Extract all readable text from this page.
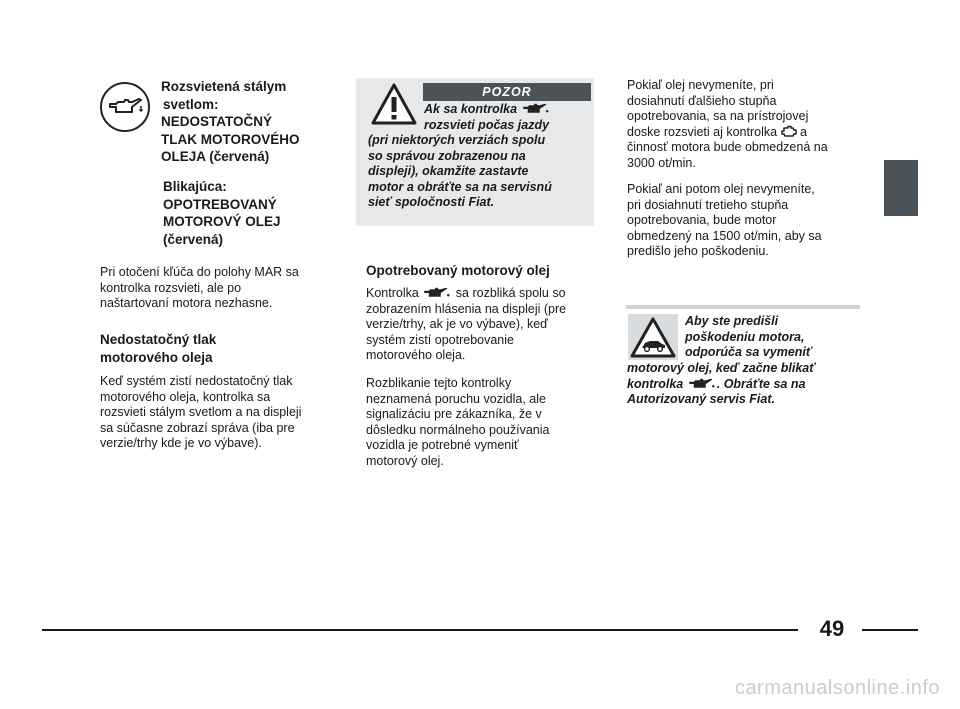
Rozsvietená stálym
svetlom:
NEDOSTATOČNÝ
TLAK MOTOROVÉHO
OLEJA (červená)
Blikajúca:
OPOTREBOVANÝ
MOTOROVÝ OLEJ
(červená)
Pri otočení kľúča do polohy MAR sa
kontrolka rozsvieti, ale po
naštartovaní motora nezhasne.
Nedostatočný tlak
motorového oleja
Keď systém zistí nedostatočný tlak
motorového oleja, kontrolka sa
rozsvieti stálym svetlom a na displeji
sa súčasne zobrazí správa (iba pre
verzie/trhy kde je vo výbave).
POZOR
Ak sa kontrolka
rozsvieti počas jazdy
(pri niektorých verziách spolu
so správou zobrazenou na
displeji), okamžite zastavte
motor a obráťte sa na servisnú
sieť spoločnosti Fiat.
Opotrebovaný motorový olej
Kontrolka	sa rozbliká spolu so
zobrazením hlásenia na displeji (pre
verzie/trhy, ak je vo výbave), keď
systém zistí opotrebovanie
motorového oleja.
Rozblikanie tejto kontrolky
neznamená poruchu vozidla, ale
signalizáciu pre zákazníka, že v
dôsledku normálneho používania
vozidla je potrebné vymeniť
motorový olej.
Pokiaľ olej nevymeníte, pri
dosiahnutí ďalšieho stupňa
opotrebovania, sa na prístrojovej
doske rozsvieti aj kontrolka a
činnosť motora bude obmedzená na
3000 ot/min.
Pokiaľ ani potom olej nevymeníte,
pri dosiahnutí tretieho stupňa
opotrebovania, bude motor
obmedzený na 1500 ot/min, aby sa
predišlo jeho poškodeniu.
Aby ste predišli
poškodeniu motora,
odporúča sa vymeniť
motorový olej, keď začne blikať
kontrolka	. Obráťte sa na
Autorizovaný servis Fiat.
49
carmanualsonline.info
